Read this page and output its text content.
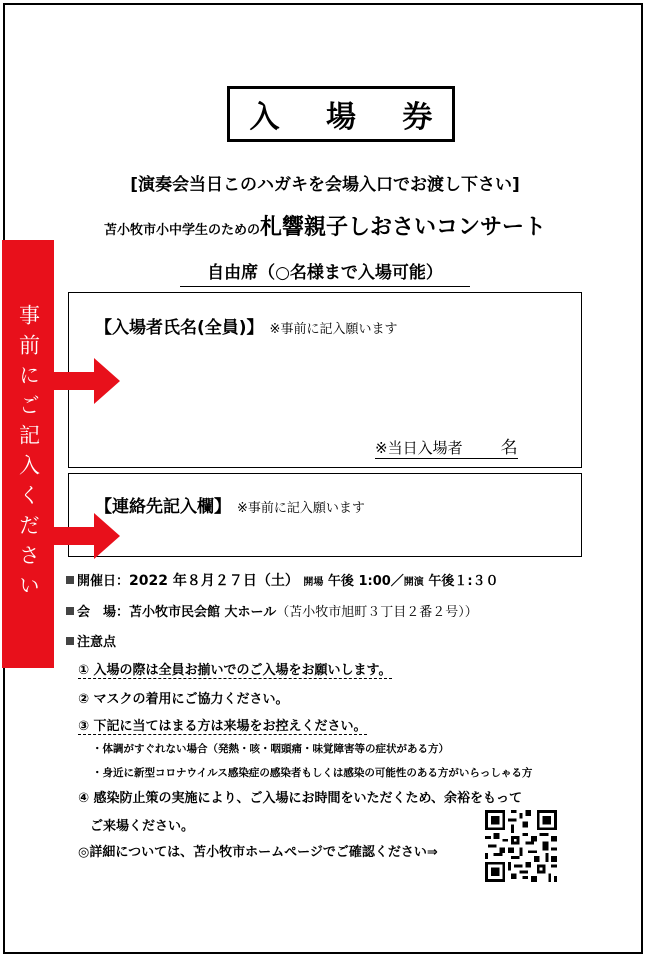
入 場 券
[演奏会当日このハガキを会場入口でお渡し下さい]
苫小牧市小中学生のための札響親子しおさいコンサート
自由席（○名様まで入場可能）
【入場者氏名(全員)】 ※事前に記入願います
※当日入場者 名
【連絡先記入欄】 ※事前に記入願います
事前にご記入ください	開催日：2022 年８月２７日（土） 開場 午後 1:00／開演 午後１:３０
会　場：苫小牧市民会館 大ホール（苫小牧市旭町３丁目２番２号））
注意点
① 入場の際は全員お揃いでのご入場をお願いします。
② マスクの着用にご協力ください。
③ 下記に当てはまる方は来場をお控えください。
・体調がすぐれない場合（発熱・咳・咽頭痛・味覚障害等の症状がある方）
・身近に新型コロナウイルス感染症の感染者もしくは感染の可能性のある方がいらっしゃる方
④ 感染防止策の実施により、ご入場にお時間をいただくため、余裕をもって
ご来場ください。
◎詳細については、苫小牧市ホームページでご確認ください⇒
